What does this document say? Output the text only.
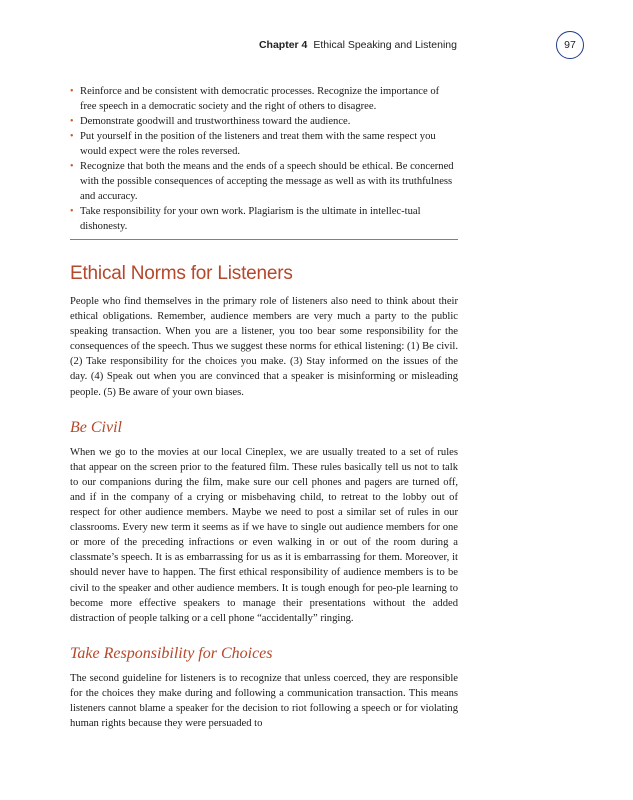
Chapter 4 Ethical Speaking and Listening	97
• Reinforce and be consistent with democratic processes. Recognize the importance of free speech in a democratic society and the right of others to disagree.
• Demonstrate goodwill and trustworthiness toward the audience.
• Put yourself in the position of the listeners and treat them with the same respect you would expect were the roles reversed.
• Recognize that both the means and the ends of a speech should be ethical. Be concerned with the possible consequences of accepting the message as well as with its truthfulness and accuracy.
• Take responsibility for your own work. Plagiarism is the ultimate in intellec-tual dishonesty.
Ethical Norms for Listeners

People who find themselves in the primary role of listeners also need to think about their ethical obligations. Remember, audience members are very much a party to the public speaking transaction. When you are a listener, you too bear some responsibility for the consequences of the speech. Thus we suggest these norms for ethical listening: (1) Be civil. (2) Take responsibility for the choices you make. (3) Stay informed on the issues of the day. (4) Speak out when you are convinced that a speaker is misinforming or misleading people. (5) Be aware of your own biases.

Be Civil

When we go to the movies at our local Cineplex, we are usually treated to a set of rules that appear on the screen prior to the featured film. These rules basically tell us not to talk to our companions during the film, make sure our cell phones and pagers are turned off, and if in the company of a crying or misbehaving child, to retreat to the lobby out of respect for other audience members. Maybe we need to post a similar set of rules in our classrooms. Every new term it seems as if we have to single out audience members for one or more of the preceding infractions or even walking in or out of the room during a classmate’s speech. It is as embarrassing for us as it is embarrassing for them. Moreover, it should never have to happen. The first ethical responsibility of audience members is to be civil to the speaker and other audience members. It is tough enough for peo-ple learning to become more effective speakers to manage their presentations without the added distraction of people talking or a cell phone “accidentally” ringing.

Take Responsibility for Choices

The second guideline for listeners is to recognize that unless coerced, they are responsible for the choices they make during and following a communication transaction. This means listeners cannot blame a speaker for the decision to riot following a speech or for violating human rights because they were persuaded to
